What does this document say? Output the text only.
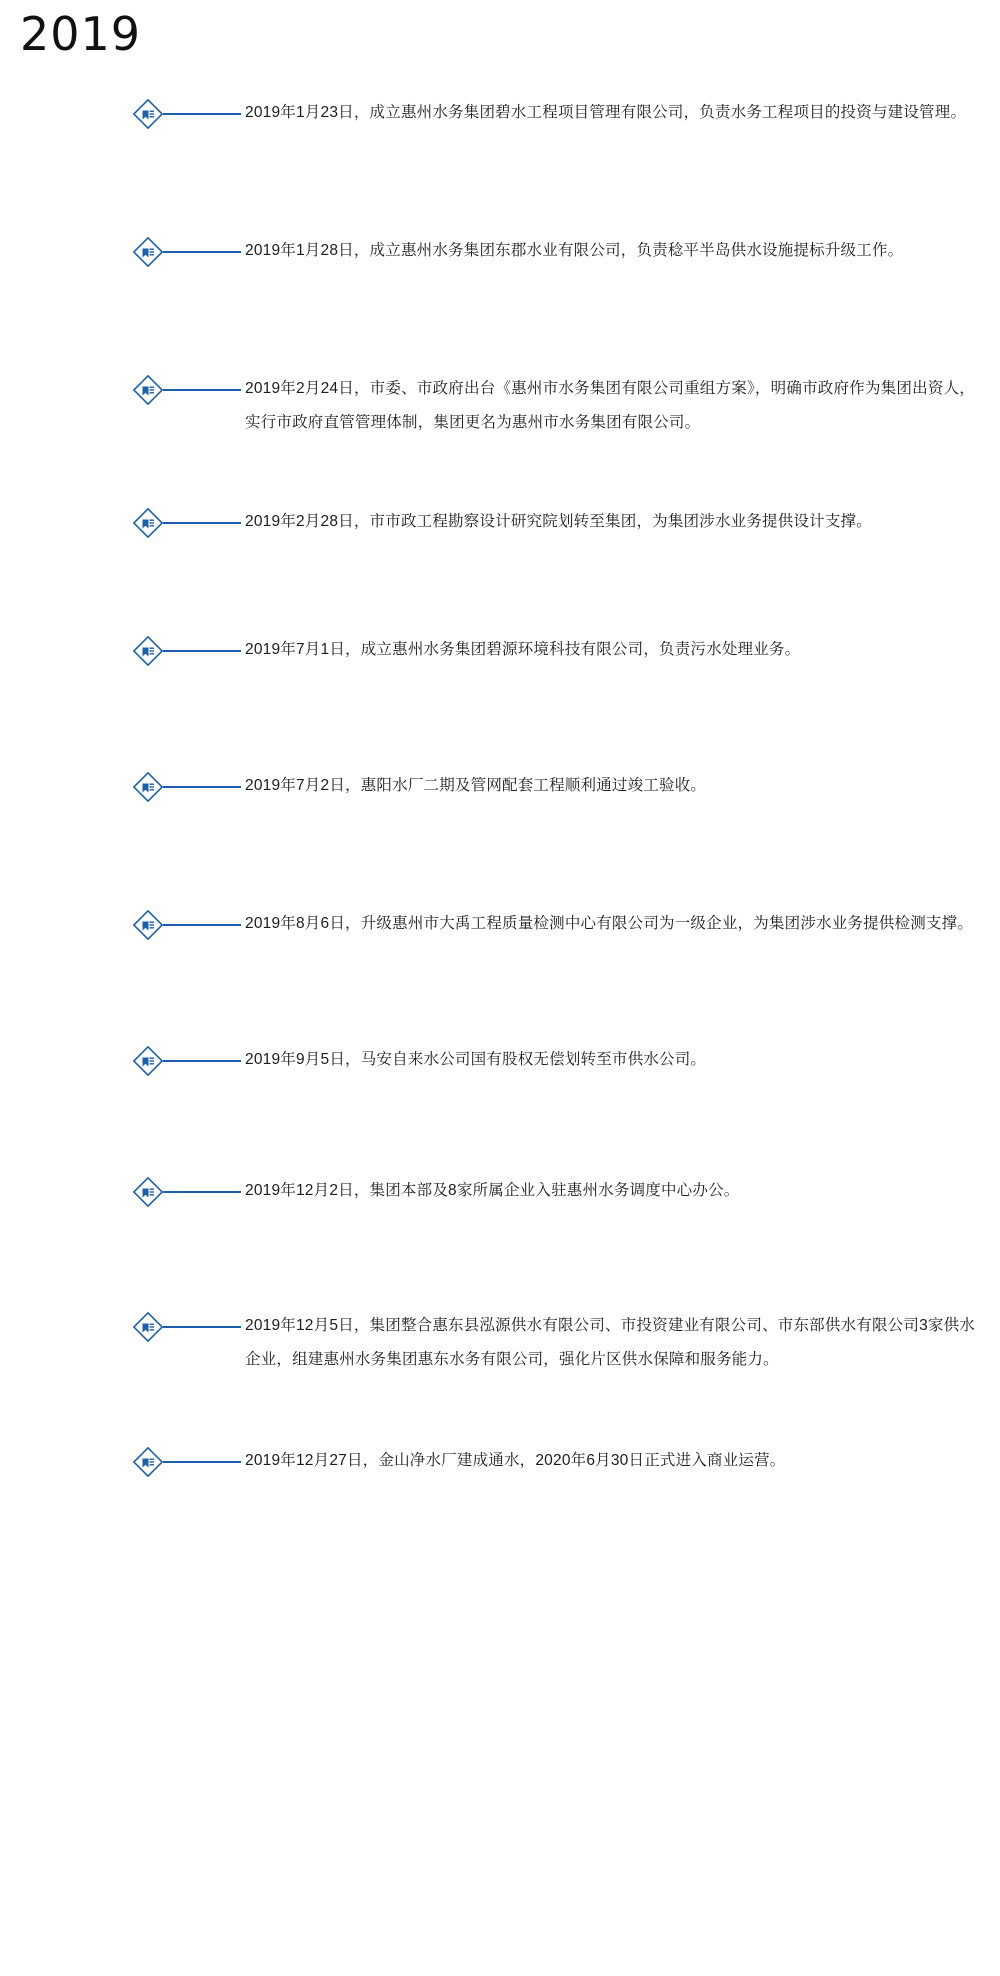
2019
2019年1月23日，成立惠州水务集团碧水工程项目管理有限公司，负责水务工程项目的投资与建设管理。
2019年1月28日，成立惠州水务集团东郡水业有限公司，负责稔平半岛供水设施提标升级工作。
2019年2月24日，市委、市政府出台《惠州市水务集团有限公司重组方案》，明确市政府作为集团出资人，实行市政府直管管理体制，集团更名为惠州市水务集团有限公司。
2019年2月28日，市市政工程勘察设计研究院划转至集团，为集团涉水业务提供设计支撑。
2019年7月1日，成立惠州水务集团碧源环境科技有限公司，负责污水处理业务。
2019年7月2日，惠阳水厂二期及管网配套工程顺利通过竣工验收。
2019年8月6日，升级惠州市大禹工程质量检测中心有限公司为一级企业，为集团涉水业务提供检测支撑。
2019年9月5日，马安自来水公司国有股权无偿划转至市供水公司。
2019年12月2日，集团本部及8家所属企业入驻惠州水务调度中心办公。
2019年12月5日，集团整合惠东县泓源供水有限公司、市投资建业有限公司、市东部供水有限公司3家供水企业，组建惠州水务集团惠东水务有限公司，强化片区供水保障和服务能力。
2019年12月27日，金山净水厂建成通水，2020年6月30日正式进入商业运营。
